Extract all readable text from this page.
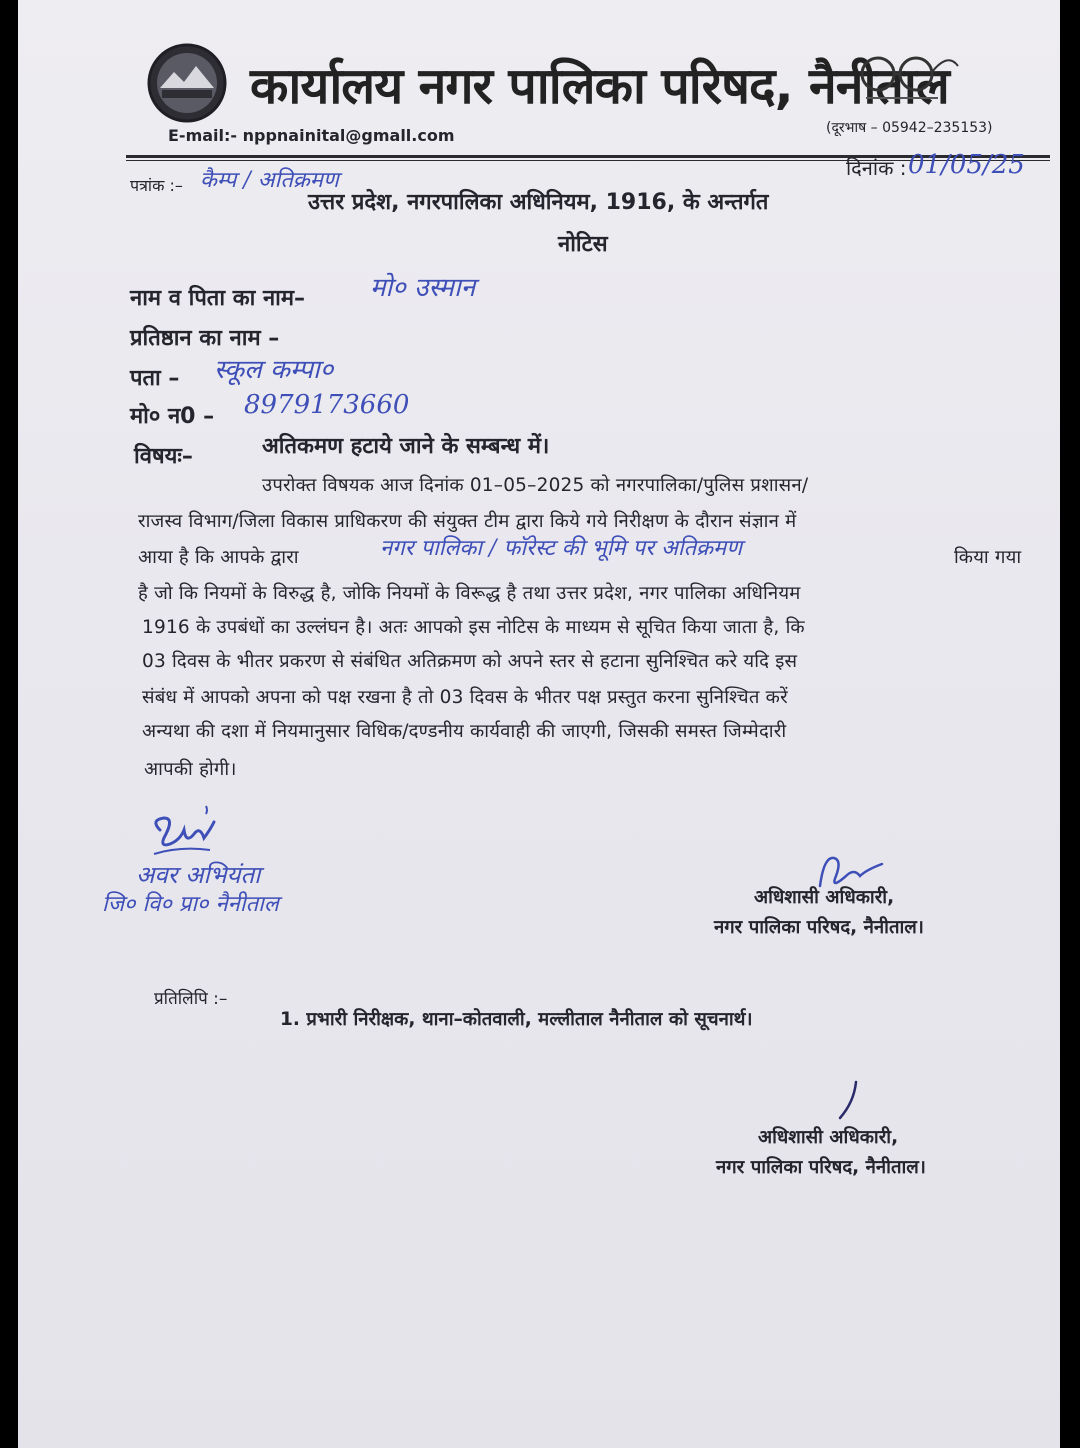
कार्यालय नगर पालिका परिषद, नैनीताल
E-mail:- nppnainital@gmall.com	(दूरभाष – 05942–235153)
पत्रांक :– कैम्प / अतिक्रमण	दिनांक : 01/05/25
उत्तर प्रदेश, नगरपालिका अधिनियम, 1916, के अन्तर्गत
नोटिस
नाम व पिता का नाम– मो० उस्मान
प्रतिष्ठान का नाम –
पता – स्कूल कम्पा०
मो० न0 – 8979173660
विषयः–	अतिकमण हटाये जाने के सम्बन्ध में।
उपरोक्त विषयक आज दिनांक 01–05–2025 को नगरपालिका/पुलिस प्रशासन/
राजस्व विभाग/जिला विकास प्राधिकरण की संयुक्त टीम द्वारा किये गये निरीक्षण के दौरान संज्ञान में
आया है कि आपके द्वारा	नगर पालिका / फॉरेस्ट की भूमि पर अतिक्रमण	किया गया
है जो कि नियमों के विरुद्ध है, जोकि नियमों के विरूद्ध है तथा उत्तर प्रदेश, नगर पालिका अधिनियम
1916 के उपबंधों का उल्लंघन है। अतः आपको इस नोटिस के माध्यम से सूचित किया जाता है, कि
03 दिवस के भीतर प्रकरण से संबंधित अतिक्रमण को अपने स्तर से हटाना सुनिश्चित करे यदि इस
संबंध में आपको अपना को पक्ष रखना है तो 03 दिवस के भीतर पक्ष प्रस्तुत करना सुनिश्चित करें
अन्यथा की दशा में नियमानुसार विधिक/दण्डनीय कार्यवाही की जाएगी, जिसकी समस्त जिम्मेदारी
आपकी होगी।
अवर अभियंता
जि० वि० प्रा० नैनीताल	अधिशासी अधिकारी,
नगर पालिका परिषद, नैनीताल।
प्रतिलिपि :–
1. प्रभारी निरीक्षक, थाना–कोतवाली, मल्लीताल नैनीताल को सूचनार्थ।
अधिशासी अधिकारी,
नगर पालिका परिषद, नैनीताल।
